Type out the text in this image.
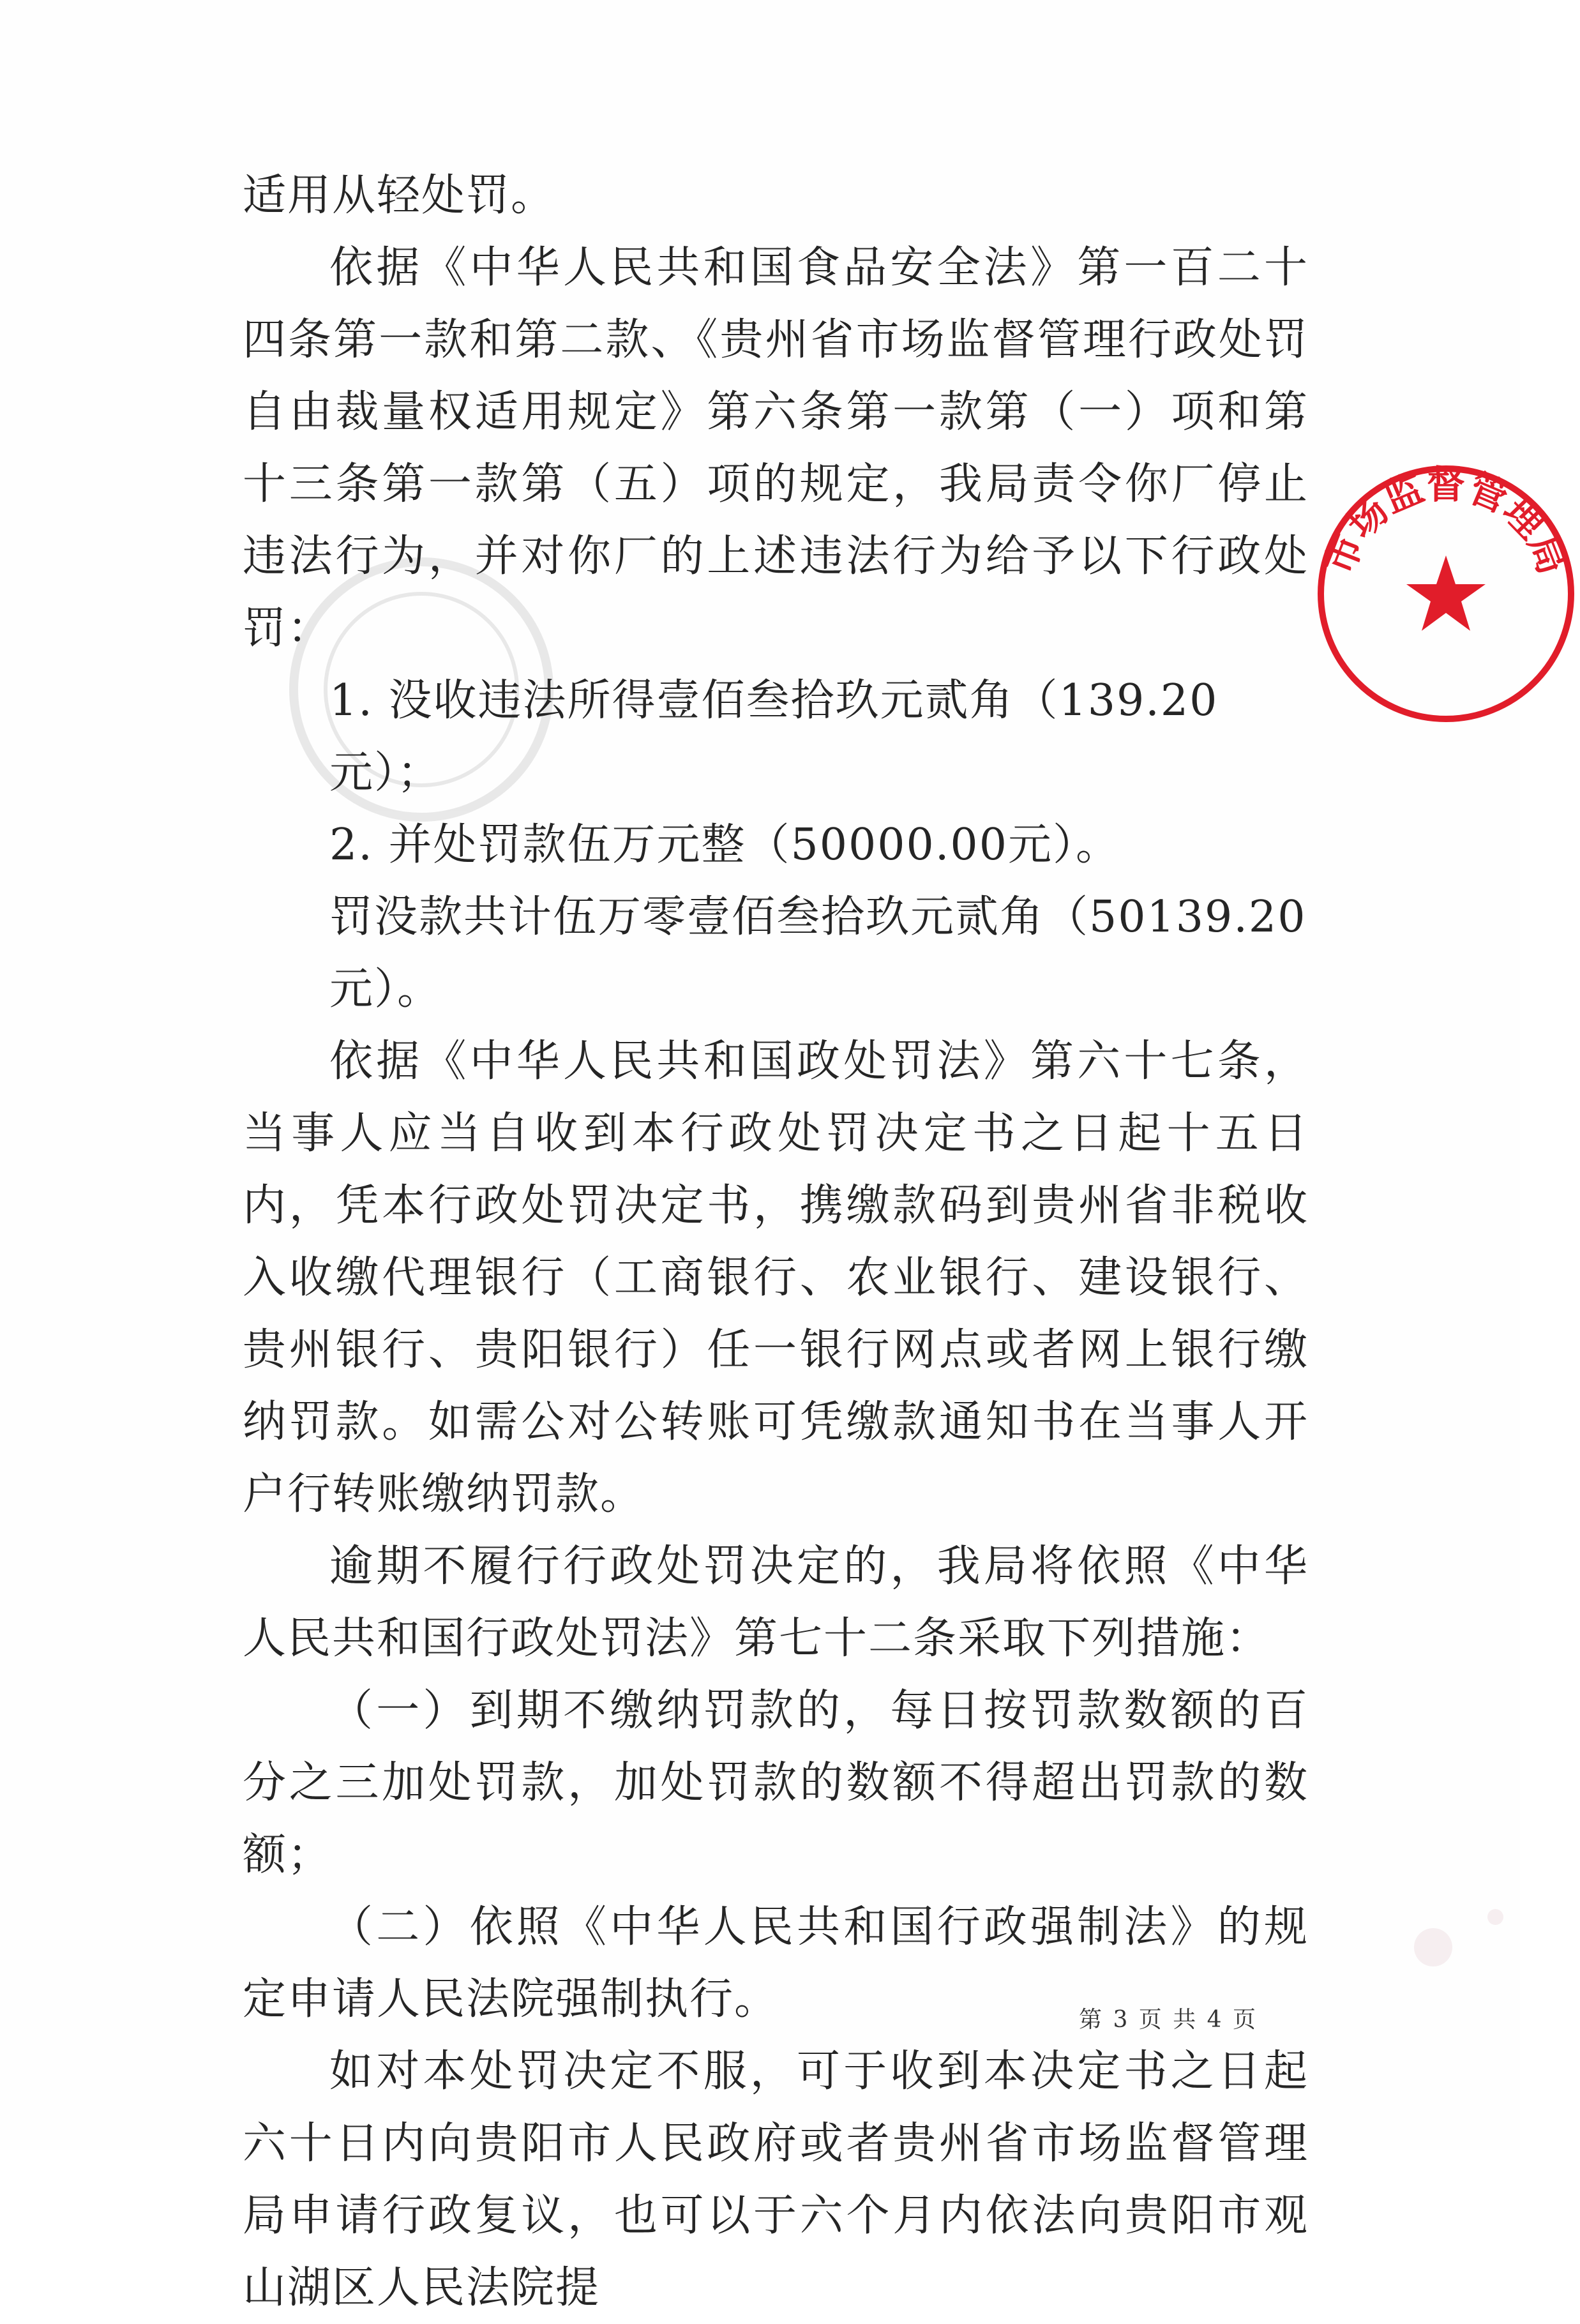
适用从轻处罚。

依据《中华人民共和国食品安全法》第一百二十四条第一款和第二款、《贵州省市场监督管理行政处罚自由裁量权适用规定》第六条第一款第（一）项和第十三条第一款第（五）项的规定，我局责令你厂停止违法行为，并对你厂的上述违法行为给予以下行政处罚：

1. 没收违法所得壹佰叁拾玖元贰角（139.20元）；

2. 并处罚款伍万元整（50000.00元）。

罚没款共计伍万零壹佰叁拾玖元贰角（50139.20元）。

依据《中华人民共和国政处罚法》第六十七条，当事人应当自收到本行政处罚决定书之日起十五日内，凭本行政处罚决定书，携缴款码到贵州省非税收入收缴代理银行（工商银行、农业银行、建设银行、贵州银行、贵阳银行）任一银行网点或者网上银行缴纳罚款。如需公对公转账可凭缴款通知书在当事人开户行转账缴纳罚款。

逾期不履行行政处罚决定的，我局将依照《中华人民共和国行政处罚法》第七十二条采取下列措施：

（一）到期不缴纳罚款的，每日按罚款数额的百分之三加处罚款，加处罚款的数额不得超出罚款的数额；

（二）依照《中华人民共和国行政强制法》的规定申请人民法院强制执行。

如对本处罚决定不服，可于收到本决定书之日起六十日内向贵阳市人民政府或者贵州省市场监督管理局申请行政复议，也可以于六个月内依法向贵阳市观山湖区人民法院提

市场监督管理局
第 3 页 共 4 页
